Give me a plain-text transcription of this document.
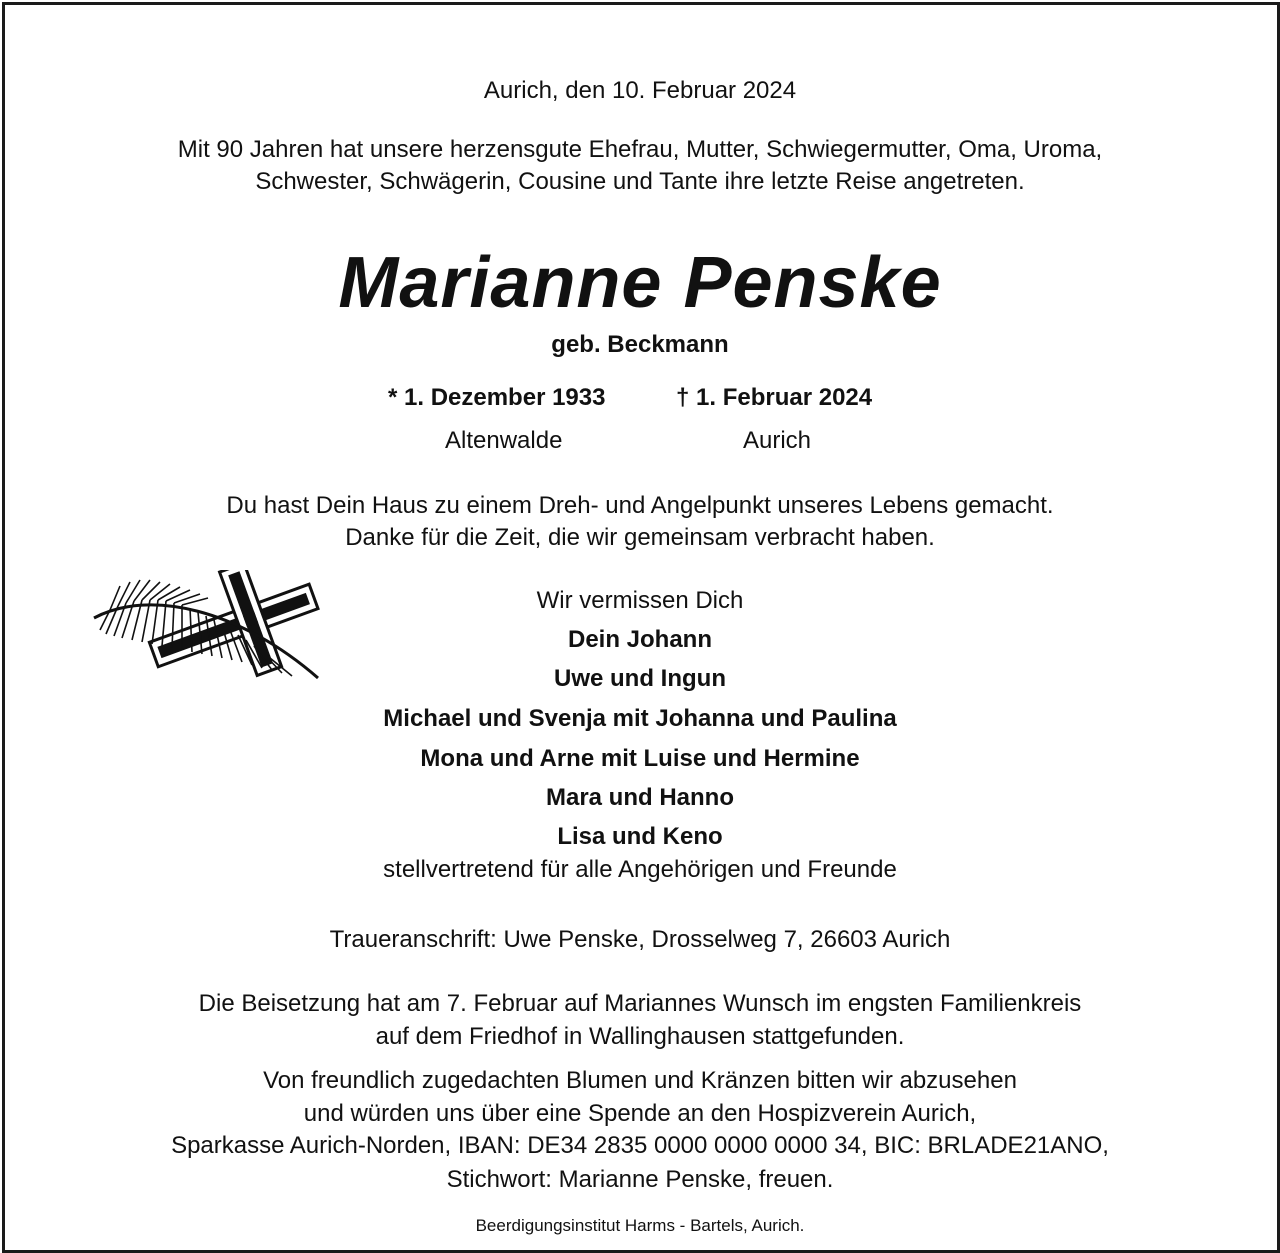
Aurich, den 10. Februar 2024
Mit 90 Jahren hat unsere herzensgute Ehefrau, Mutter, Schwiegermutter, Oma, Uroma,
Schwester, Schwägerin, Cousine und Tante ihre letzte Reise angetreten.
Marianne Penske
geb. Beckmann
* 1. Dezember 1933	† 1. Februar 2024
Altenwalde	Aurich
Du hast Dein Haus zu einem Dreh- und Angelpunkt unseres Lebens gemacht.
Danke für die Zeit, die wir gemeinsam verbracht haben.
Wir vermissen Dich
Dein Johann
Uwe und Ingun
Michael und Svenja mit Johanna und Paulina
Mona und Arne mit Luise und Hermine
Mara und Hanno
Lisa und Keno
stellvertretend für alle Angehörigen und Freunde
Traueranschrift: Uwe Penske, Drosselweg 7, 26603 Aurich
Die Beisetzung hat am 7. Februar auf Mariannes Wunsch im engsten Familienkreis
auf dem Friedhof in Wallinghausen stattgefunden.
Von freundlich zugedachten Blumen und Kränzen bitten wir abzusehen
und würden uns über eine Spende an den Hospizverein Aurich,
Sparkasse Aurich-Norden, IBAN: DE34 2835 0000 0000 0000 34, BIC: BRLADE21ANO,
Stichwort: Marianne Penske, freuen.
Beerdigungsinstitut Harms - Bartels, Aurich.
